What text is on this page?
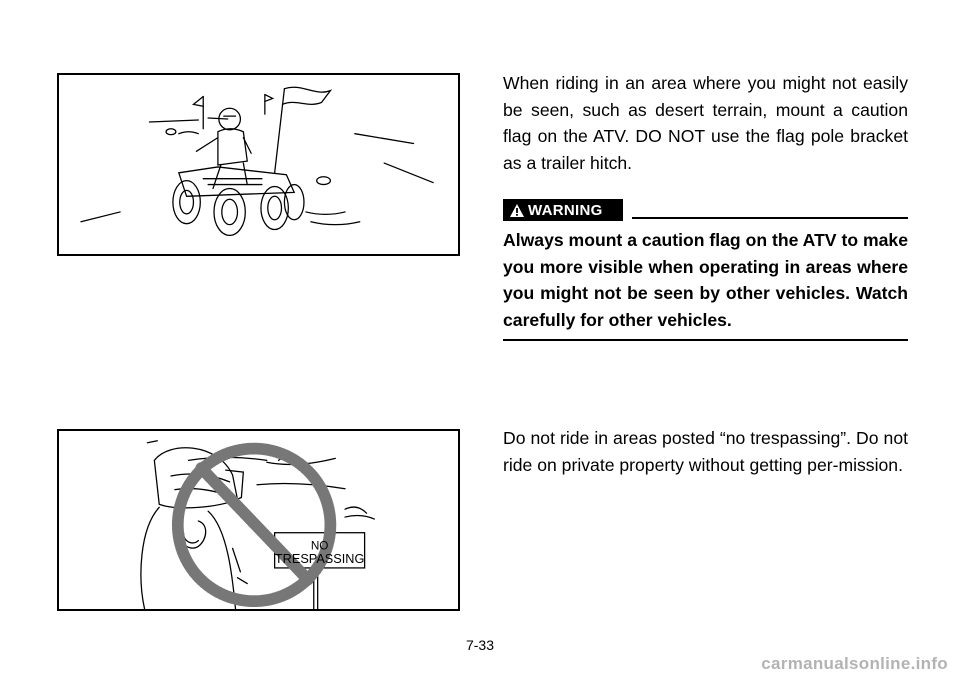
When riding in an area where you might not easily be seen, such as desert terrain, mount a caution flag on the ATV. DO NOT use the flag pole bracket as a trailer hitch.

WARNING

Always mount a caution flag on the ATV to make you more visible when operating in areas where you might not be seen by other vehicles. Watch carefully for other vehicles.

NO
TRESPASSING

Do not ride in areas posted “no trespassing”. Do not ride on private property without getting per-mission.

7-33
carmanualsonline.info
